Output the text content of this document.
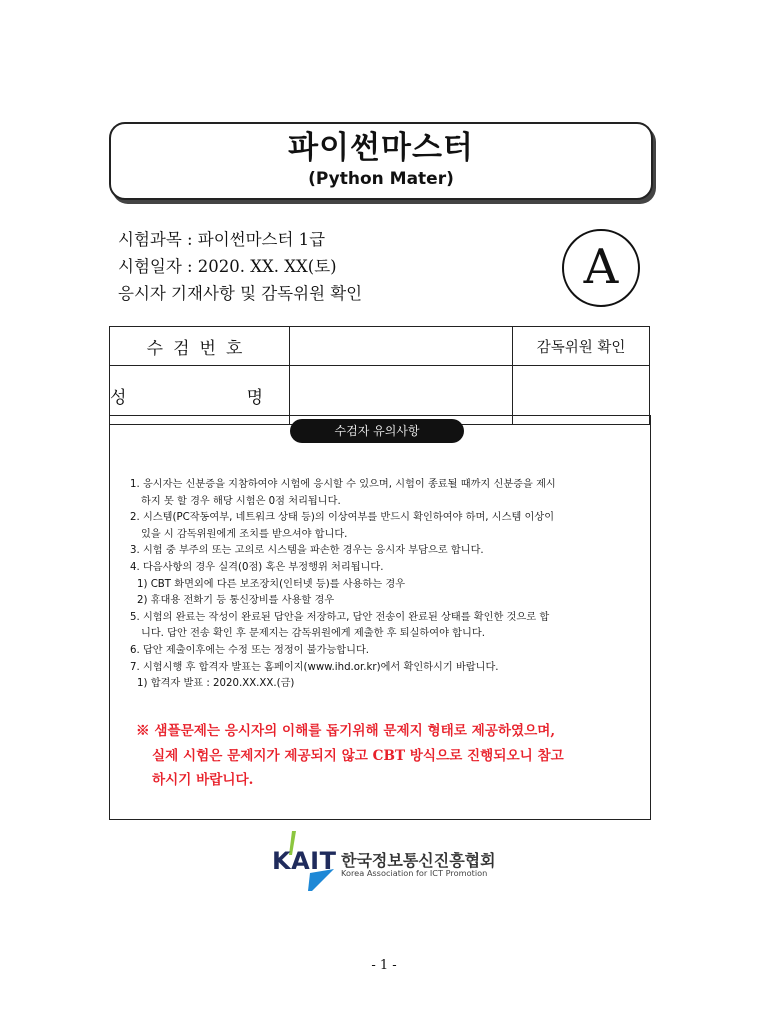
파이썬마스터
(Python Mater)
시험과목 : 파이썬마스터 1급
시험일자 : 2020. XX. XX(토)
응시자 기재사항 및 감독위원 확인	A
수검번호		감독위원 확인
성   명		
수검자 유의사항
1. 응시자는 신분증을 지참하여야 시험에 응시할 수 있으며, 시험이 종료될 때까지 신분증을 제시
하지 못 할 경우 해당 시험은 0점 처리됩니다.
2. 시스템(PC작동여부, 네트워크 상태 등)의 이상여부를 반드시 확인하여야 하며, 시스템 이상이
있을 시 감독위원에게 조치를 받으셔야 합니다.
3. 시험 중 부주의 또는 고의로 시스템을 파손한 경우는 응시자 부담으로 합니다.
4. 다음사항의 경우 실격(0점) 혹은 부정행위 처리됩니다.
1) CBT 화면외에 다른 보조장치(인터넷 등)를 사용하는 경우
2) 휴대용 전화기 등 통신장비를 사용할 경우
5. 시험의 완료는 작성이 완료된 답안을 저장하고, 답안 전송이 완료된 상태를 확인한 것으로 합
니다. 답안 전송 확인 후 문제지는 감독위원에게 제출한 후 퇴실하여야 합니다.
6. 답안 제출이후에는 수정 또는 정정이 불가능합니다.
7. 시험시행 후 합격자 발표는 홈페이지(www.ihd.or.kr)에서 확인하시기 바랍니다.
1) 합격자 발표 : 2020.XX.XX.(금)
※ 샘플문제는 응시자의 이해를 돕기위해 문제지 형태로 제공하였으며,
실제 시험은 문제지가 제공되지 않고 CBT 방식으로 진행되오니 참고
하시기 바랍니다.
KAIT 한국정보통신진흥협회
Korea Association for ICT Promotion
- 1 -
